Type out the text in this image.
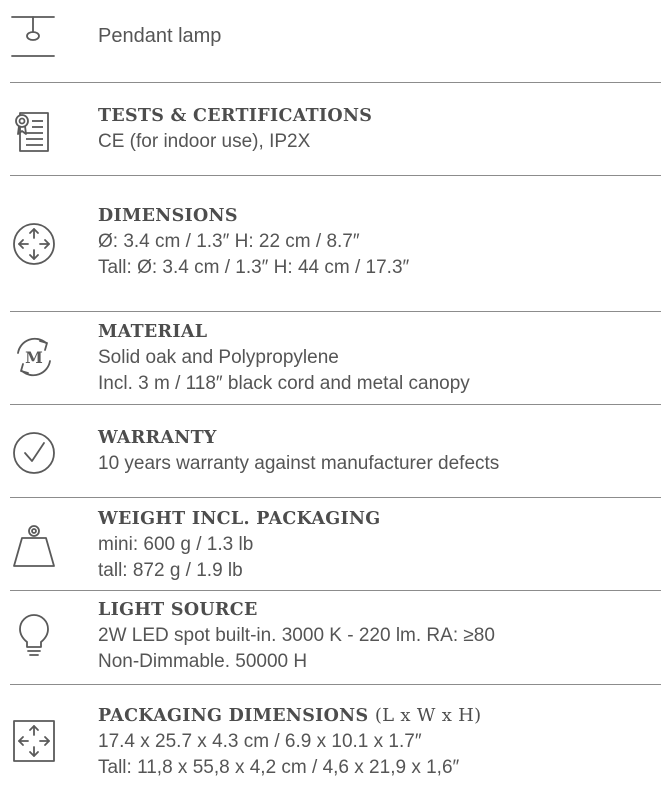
Pendant lamp
TESTS & CERTIFICATIONS
CE (for indoor use), IP2X
DIMENSIONS
Ø: 3.4 cm / 1.3″ H: 22 cm / 8.7″
Tall: Ø: 3.4 cm / 1.3″ H: 44 cm / 17.3″
M
MATERIAL
Solid oak and Polypropylene
Incl. 3 m / 118″ black cord and metal canopy
WARRANTY
10 years warranty against manufacturer defects
WEIGHT INCL. PACKAGING
mini: 600 g / 1.3 lb
tall: 872 g / 1.9 lb
LIGHT SOURCE
2W LED spot built-in. 3000 K - 220 lm. RA: ≥80
Non-Dimmable. 50000 H
PACKAGING DIMENSIONS (L x W x H)
17.4 x 25.7 x 4.3 cm / 6.9 x 10.1 x 1.7″
Tall: 11,8 x 55,8 x 4,2 cm / 4,6 x 21,9 x 1,6″
